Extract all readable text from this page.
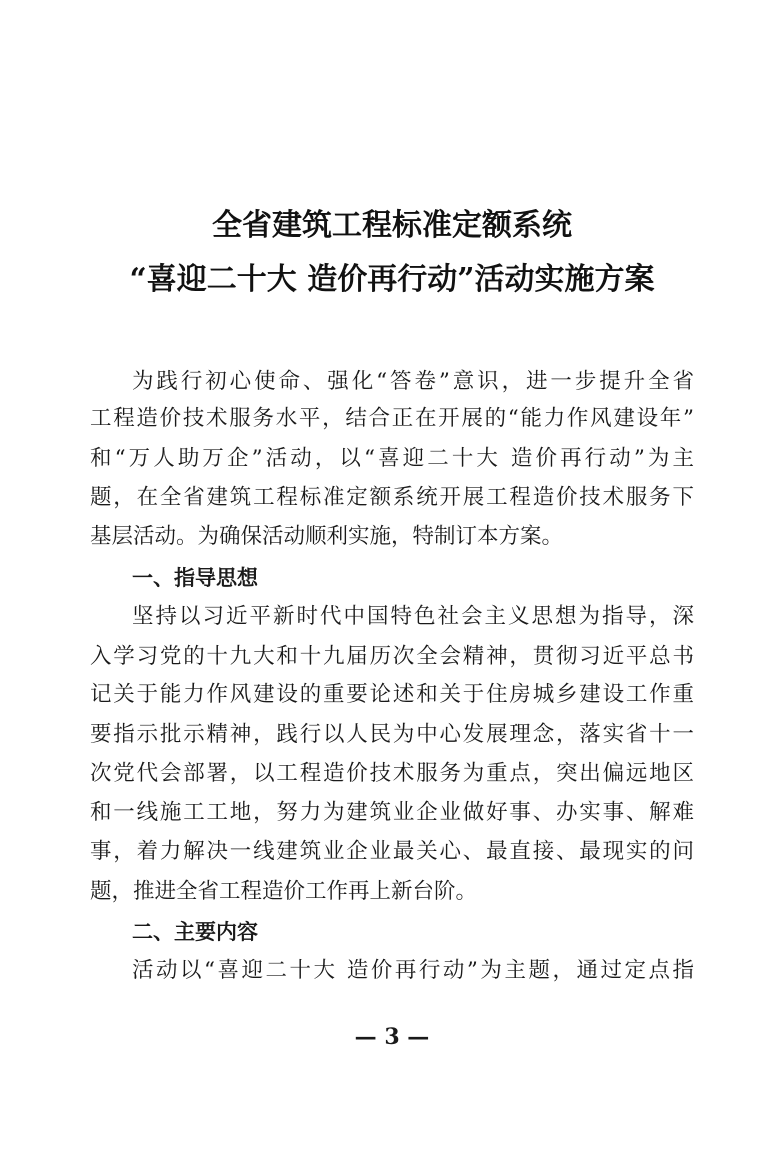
全省建筑工程标准定额系统
“喜迎二十大 造价再行动”活动实施方案
为践行初心使命、强化“答卷”意识，进一步提升全省
工程造价技术服务水平，结合正在开展的“能力作风建设年”
和“万人助万企”活动，以“喜迎二十大 造价再行动”为主
题，在全省建筑工程标准定额系统开展工程造价技术服务下
基层活动。为确保活动顺利实施，特制订本方案。
一、指导思想
坚持以习近平新时代中国特色社会主义思想为指导，深
入学习党的十九大和十九届历次全会精神，贯彻习近平总书
记关于能力作风建设的重要论述和关于住房城乡建设工作重
要指示批示精神，践行以人民为中心发展理念，落实省十一
次党代会部署，以工程造价技术服务为重点，突出偏远地区
和一线施工工地，努力为建筑业企业做好事、办实事、解难
事，着力解决一线建筑业企业最关心、最直接、最现实的问
题，推进全省工程造价工作再上新台阶。
二、主要内容
活动以“喜迎二十大 造价再行动”为主题，通过定点指
— 3 —
